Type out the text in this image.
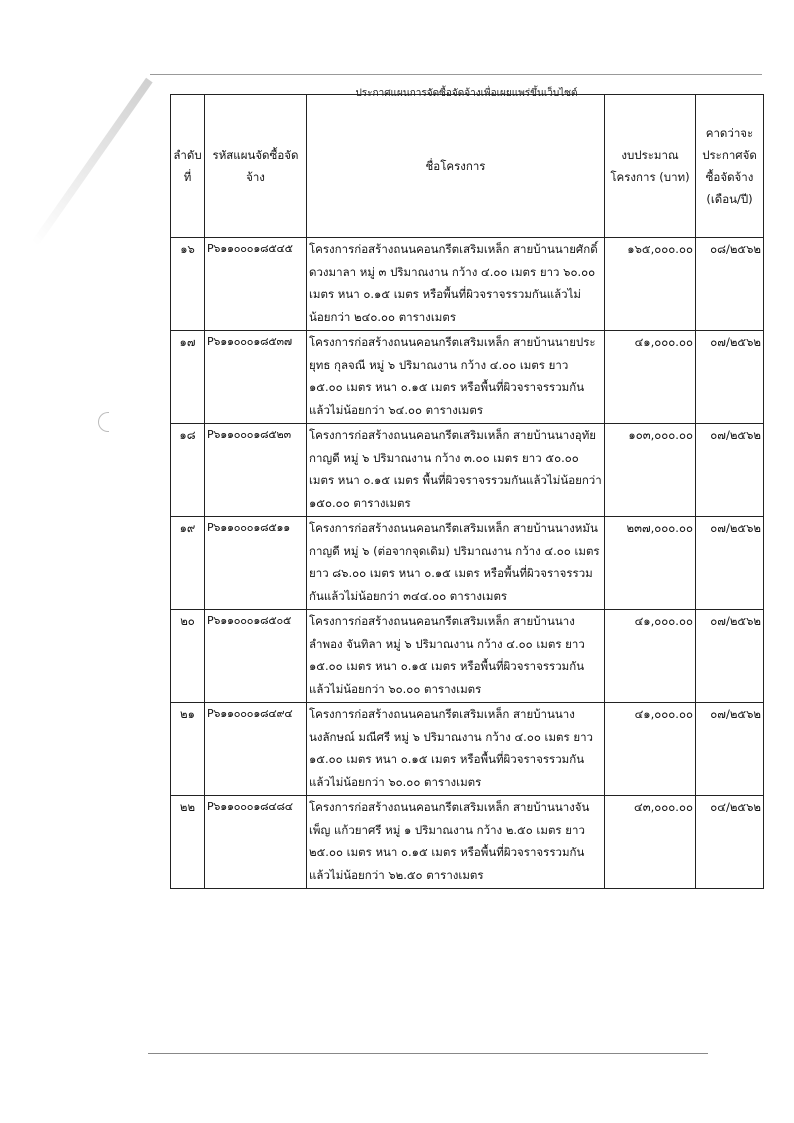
ประกาศแผนการจัดซื้อจัดจ้างเพื่อเผยแพร่ขึ้นเว็บไซต์
ลำดับที่	รหัสแผนจัดซื้อจัดจ้าง	ชื่อโครงการ	งบประมาณโครงการ (บาท)	คาดว่าจะประกาศจัดซื้อจัดจ้าง (เดือน/ปี)
๑๖	P๖๑๑๐๐๐๑๘๕๔๕	โครงการก่อสร้างถนนคอนกรีตเสริมเหล็ก สายบ้านนายศักดิ์ ดวงมาลา หมู่ ๓ ปริมาณงาน กว้าง ๔.๐๐ เมตร ยาว ๖๐.๐๐ เมตร หนา ๐.๑๕ เมตร หรือพื้นที่ผิวจราจรรวมกันแล้วไม่น้อยกว่า ๒๔๐.๐๐ ตารางเมตร	๑๖๕,๐๐๐.๐๐	๐๘/๒๕๖๒
๑๗	P๖๑๑๐๐๐๑๘๕๓๗	โครงการก่อสร้างถนนคอนกรีตเสริมเหล็ก สายบ้านนายประยุทธ กุลจณี หมู่ ๖ ปริมาณงาน กว้าง ๔.๐๐ เมตร ยาว ๑๕.๐๐ เมตร หนา ๐.๑๕ เมตร หรือพื้นที่ผิวจราจรรวมกันแล้วไม่น้อยกว่า ๖๔.๐๐ ตารางเมตร	๔๑,๐๐๐.๐๐	๐๗/๒๕๖๒
๑๘	P๖๑๑๐๐๐๑๘๕๒๓	โครงการก่อสร้างถนนคอนกรีตเสริมเหล็ก สายบ้านนางอุทัย กาญดี หมู่ ๖ ปริมาณงาน กว้าง ๓.๐๐ เมตร ยาว ๕๐.๐๐ เมตร หนา ๐.๑๕ เมตร พื้นที่ผิวจราจรรวมกันแล้วไม่น้อยกว่า ๑๕๐.๐๐ ตารางเมตร	๑๐๓,๐๐๐.๐๐	๐๗/๒๕๖๒
๑๙	P๖๑๑๐๐๐๑๘๕๑๑	โครงการก่อสร้างถนนคอนกรีตเสริมเหล็ก สายบ้านนางหมัน กาญดี หมู่ ๖ (ต่อจากจุดเดิม) ปริมาณงาน กว้าง ๔.๐๐ เมตร ยาว ๘๖.๐๐ เมตร หนา ๐.๑๕ เมตร หรือพื้นที่ผิวจราจรรวมกันแล้วไม่น้อยกว่า ๓๔๔.๐๐ ตารางเมตร	๒๓๗,๐๐๐.๐๐	๐๗/๒๕๖๒
๒๐	P๖๑๑๐๐๐๑๘๕๐๕	โครงการก่อสร้างถนนคอนกรีตเสริมเหล็ก สายบ้านนางลำพอง จันทิลา หมู่ ๖ ปริมาณงาน กว้าง ๔.๐๐ เมตร ยาว ๑๕.๐๐ เมตร หนา ๐.๑๕ เมตร หรือพื้นที่ผิวจราจรรวมกันแล้วไม่น้อยกว่า ๖๐.๐๐ ตารางเมตร	๔๑,๐๐๐.๐๐	๐๗/๒๕๖๒
๒๑	P๖๑๑๐๐๐๑๘๔๙๔	โครงการก่อสร้างถนนคอนกรีตเสริมเหล็ก สายบ้านนางนงลักษณ์ มณีศรี หมู่ ๖ ปริมาณงาน กว้าง ๔.๐๐ เมตร ยาว ๑๕.๐๐ เมตร หนา ๐.๑๕ เมตร หรือพื้นที่ผิวจราจรรวมกันแล้วไม่น้อยกว่า ๖๐.๐๐ ตารางเมตร	๔๑,๐๐๐.๐๐	๐๗/๒๕๖๒
๒๒	P๖๑๑๐๐๐๑๘๔๘๔	โครงการก่อสร้างถนนคอนกรีตเสริมเหล็ก สายบ้านนางจันเพ็ญ แก้วยาศรี หมู่ ๑ ปริมาณงาน กว้าง ๒.๕๐ เมตร ยาว ๒๕.๐๐ เมตร หนา ๐.๑๕ เมตร หรือพื้นที่ผิวจราจรรวมกันแล้วไม่น้อยกว่า ๖๒.๕๐ ตารางเมตร	๔๓,๐๐๐.๐๐	๐๔/๒๕๖๒
